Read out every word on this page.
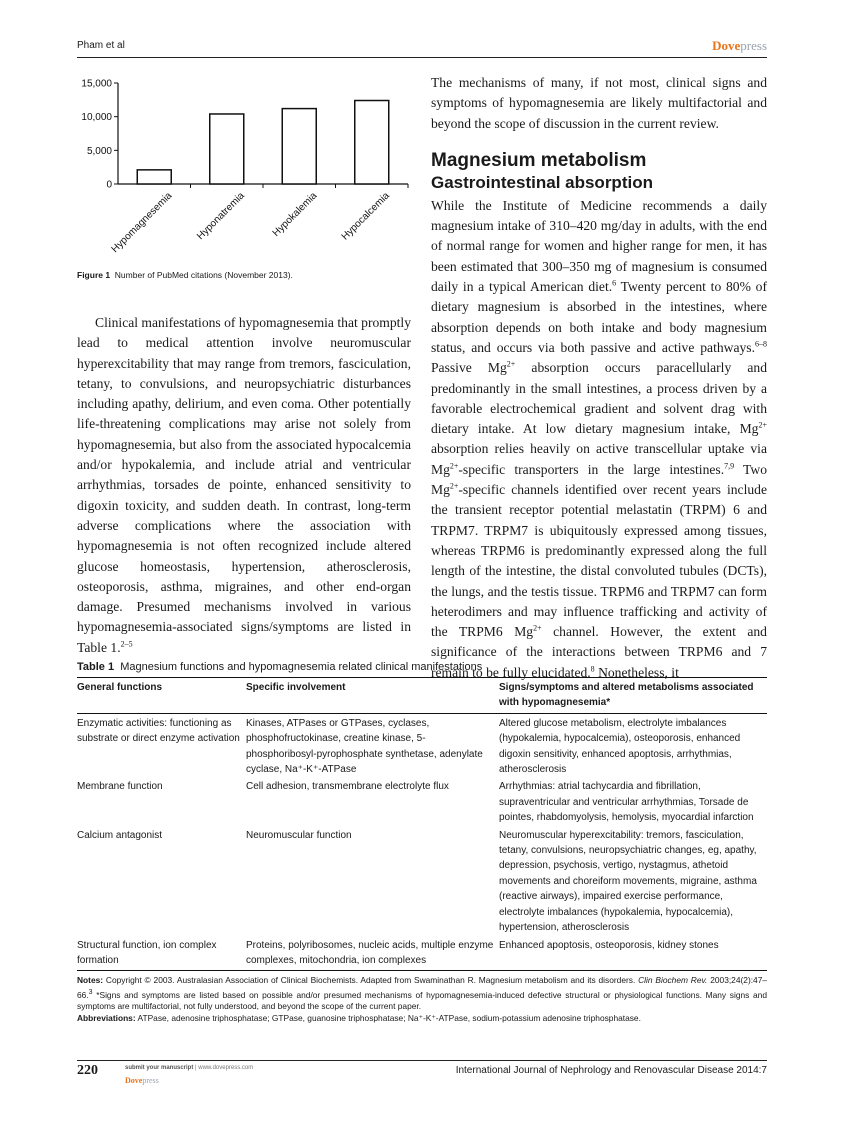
Pham et al	Dovepress
0
5,000
10,000
15,000
Hypomagnesemia Hyponatremia Hypokalemia Hypocalcemia
Figure 1 Number of PubMed citations (November 2013).

Clinical manifestations of hypomagnesemia that promptly lead to medical attention involve neuromuscular hyperexcitability that may range from tremors, fasciculation, tetany, to convulsions, and neuropsychiatric disturbances including apathy, delirium, and even coma. Other potentially life-threatening complications may arise not solely from hypomagnesemia, but also from the associated hypocalcemia and/or hypokalemia, and include atrial and ventricular arrhythmias, torsades de pointe, enhanced sensitivity to digoxin toxicity, and sudden death. In contrast, long-term adverse complications where the association with hypomagnesemia is not often recognized include altered glucose homeostasis, hypertension, atherosclerosis, osteoporosis, asthma, migraines, and other end-organ damage. Presumed mechanisms involved in various hypomagnesemia-associated signs/symptoms are listed in Table 1.$^{2-5}$

The mechanisms of many, if not most, clinical signs and symptoms of hypomagnesemia are likely multifactorial and beyond the scope of discussion in the current review.

Magnesium metabolism
Gastrointestinal absorption

While the Institute of Medicine recommends a daily magnesium intake of 310–420 mg/day in adults, with the end of normal range for women and higher range for men, it has been estimated that 300–350 mg of magnesium is consumed daily in a typical American diet.$^6$ Twenty percent to 80% of dietary magnesium is absorbed in the intestines, where absorption depends on both intake and body magnesium status, and occurs via both passive and active pathways.$^{6-8}$ Passive $Mg^{2+}$ absorption occurs paracellularly and predominantly in the small intestines, a process driven by a favorable electrochemical gradient and solvent drag with dietary intake. At low dietary magnesium intake, $Mg^{2+}$ absorption relies heavily on active transcellular uptake via $Mg^{2+}$-specific transporters in the large intestines.$^{7,9}$ Two $Mg^{2+}$-specific channels identified over recent years include the transient receptor potential melastatin (TRPM) 6 and TRPM7. TRPM7 is ubiquitously expressed among tissues, whereas TRPM6 is predominantly expressed along the full length of the intestine, the distal convoluted tubules (DCTs), the lungs, and the testis tissue. TRPM6 and TRPM7 can form heterodimers and may influence trafficking and activity of the TRPM6 $Mg^{2+}$ channel. However, the extent and significance of the interactions between TRPM6 and 7 remain to be fully elucidated.$^8$ Nonetheless, it

Table 1 Magnesium functions and hypomagnesemia related clinical manifestations
General functions	Specific involvement	Signs/symptoms and altered metabolisms associated with hypomagnesemia*
Enzymatic activities: functioning as substrate or direct enzyme activation	Kinases, ATPases or GTPases, cyclases, phosphofructokinase, creatine kinase, 5-phosphoribosyl-pyrophosphate synthetase, adenylate cyclase, Na⁺-K⁺-ATPase	Altered glucose metabolism, electrolyte imbalances (hypokalemia, hypocalcemia), osteoporosis, enhanced digoxin sensitivity, enhanced apoptosis, arrhythmias, atherosclerosis
Membrane function	Cell adhesion, transmembrane electrolyte flux	Arrhythmias: atrial tachycardia and fibrillation, supraventricular and ventricular arrhythmias, Torsade de pointes, rhabdomyolysis, hemolysis, myocardial infarction
Calcium antagonist	Neuromuscular function	Neuromuscular hyperexcitability: tremors, fasciculation, tetany, convulsions, neuropsychiatric changes, eg, apathy, depression, psychosis, vertigo, nystagmus, athetoid movements and choreiform movements, migraine, asthma (reactive airways), impaired exercise performance, electrolyte imbalances (hypokalemia, hypocalcemia), hypertension, atherosclerosis
Structural function, ion complex formation	Proteins, polyribosomes, nucleic acids, multiple enzyme complexes, mitochondria, ion complexes	Enhanced apoptosis, osteoporosis, kidney stones
Notes: Copyright © 2003. Australasian Association of Clinical Biochemists. Adapted from Swaminathan R. Magnesium metabolism and its disorders. Clin Biochem Rev. 2003;24(2):47–66.$^3$ *Signs and symptoms are listed based on possible and/or presumed mechanisms of hypomagnesemia-induced defective structural or physiological functions. Many signs and symptoms are multifactorial, not fully understood, and beyond the scope of the current paper.
Abbreviations: ATPase, adenosine triphosphatase; GTPase, guanosine triphosphatase; Na⁺-K⁺-ATPase, sodium-potassium adenosine triphosphatase.
220	submit your manuscript | www.dovepress.com
Dovepress
International Journal of Nephrology and Renovascular Disease 2014:7
